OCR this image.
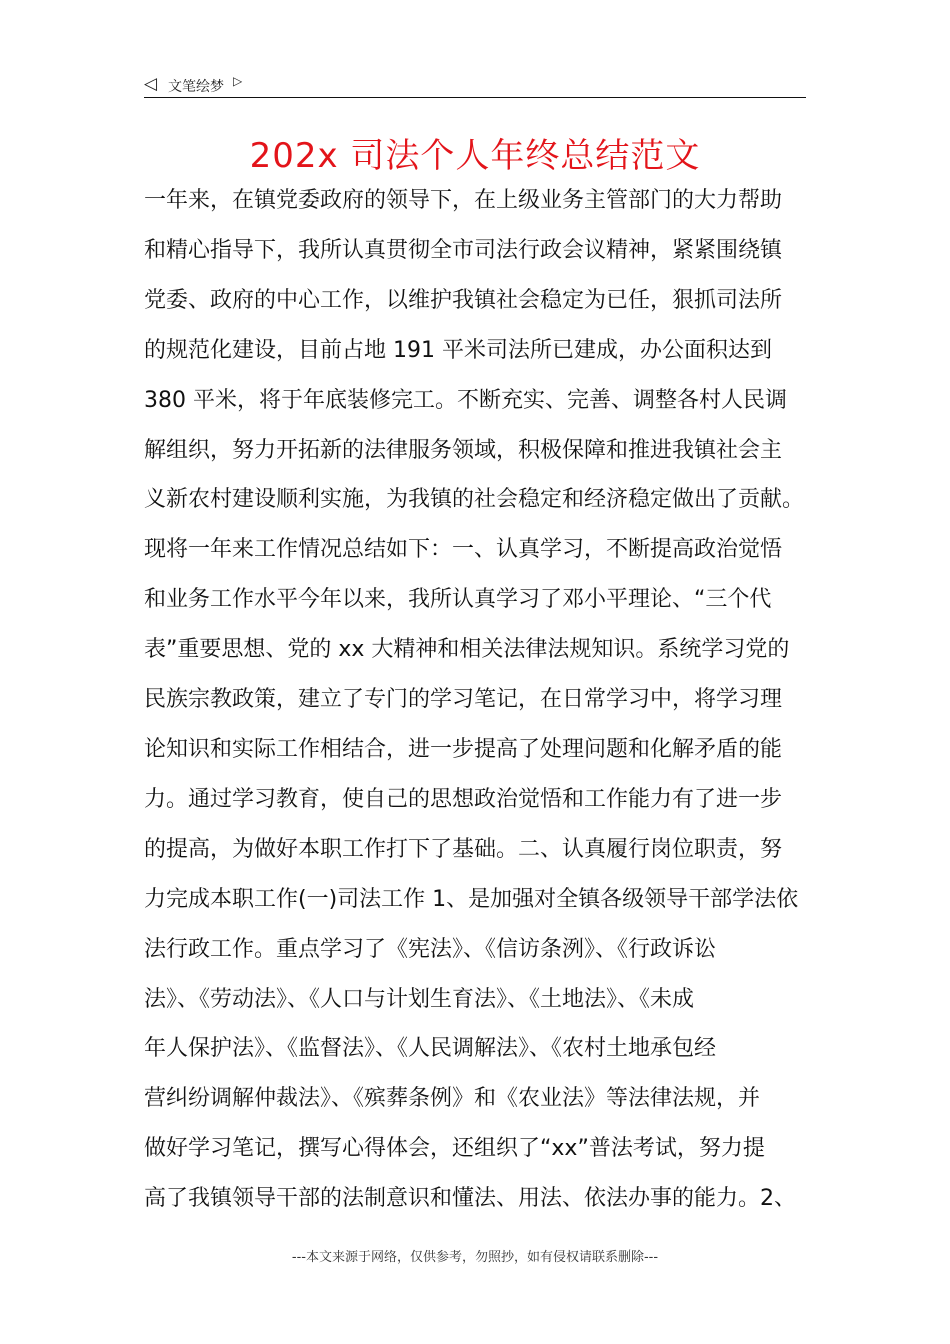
◁ 文笔绘梦 ▷
202x 司法个人年终总结范文
一年来，在镇党委政府的领导下，在上级业务主管部门的大力帮助
和精心指导下，我所认真贯彻全市司法行政会议精神，紧紧围绕镇
党委、政府的中心工作，以维护我镇社会稳定为已任，狠抓司法所
的规范化建设，目前占地 191 平米司法所已建成，办公面积达到
380 平米，将于年底装修完工。不断充实、完善、调整各村人民调
解组织，努力开拓新的法律服务领域，积极保障和推进我镇社会主
义新农村建设顺利实施，为我镇的社会稳定和经济稳定做出了贡献。
现将一年来工作情况总结如下：一、认真学习，不断提高政治觉悟
和业务工作水平今年以来，我所认真学习了邓小平理论、“三个代
表”重要思想、党的 xx 大精神和相关法律法规知识。系统学习党的
民族宗教政策，建立了专门的学习笔记，在日常学习中，将学习理
论知识和实际工作相结合，进一步提高了处理问题和化解矛盾的能
力。通过学习教育，使自己的思想政治觉悟和工作能力有了进一步
的提高，为做好本职工作打下了基础。二、认真履行岗位职责，努
力完成本职工作(一)司法工作 1、是加强对全镇各级领导干部学法依
法行政工作。重点学习了《宪法》、《信访条洌》、《行政诉讼
法》、《劳动法》、《人口与计划生育法》、《土地法》、《未成
年人保护法》、《监督法》、《人民调解法》、《农村土地承包经
营纠纷调解仲裁法》、《殡葬条例》和《农业法》等法律法规，并
做好学习笔记，撰写心得体会，还组织了“xx”普法考试，努力提
高了我镇领导干部的法制意识和懂法、用法、依法办事的能力。2、
---本文来源于网络，仅供参考，勿照抄，如有侵权请联系删除---
